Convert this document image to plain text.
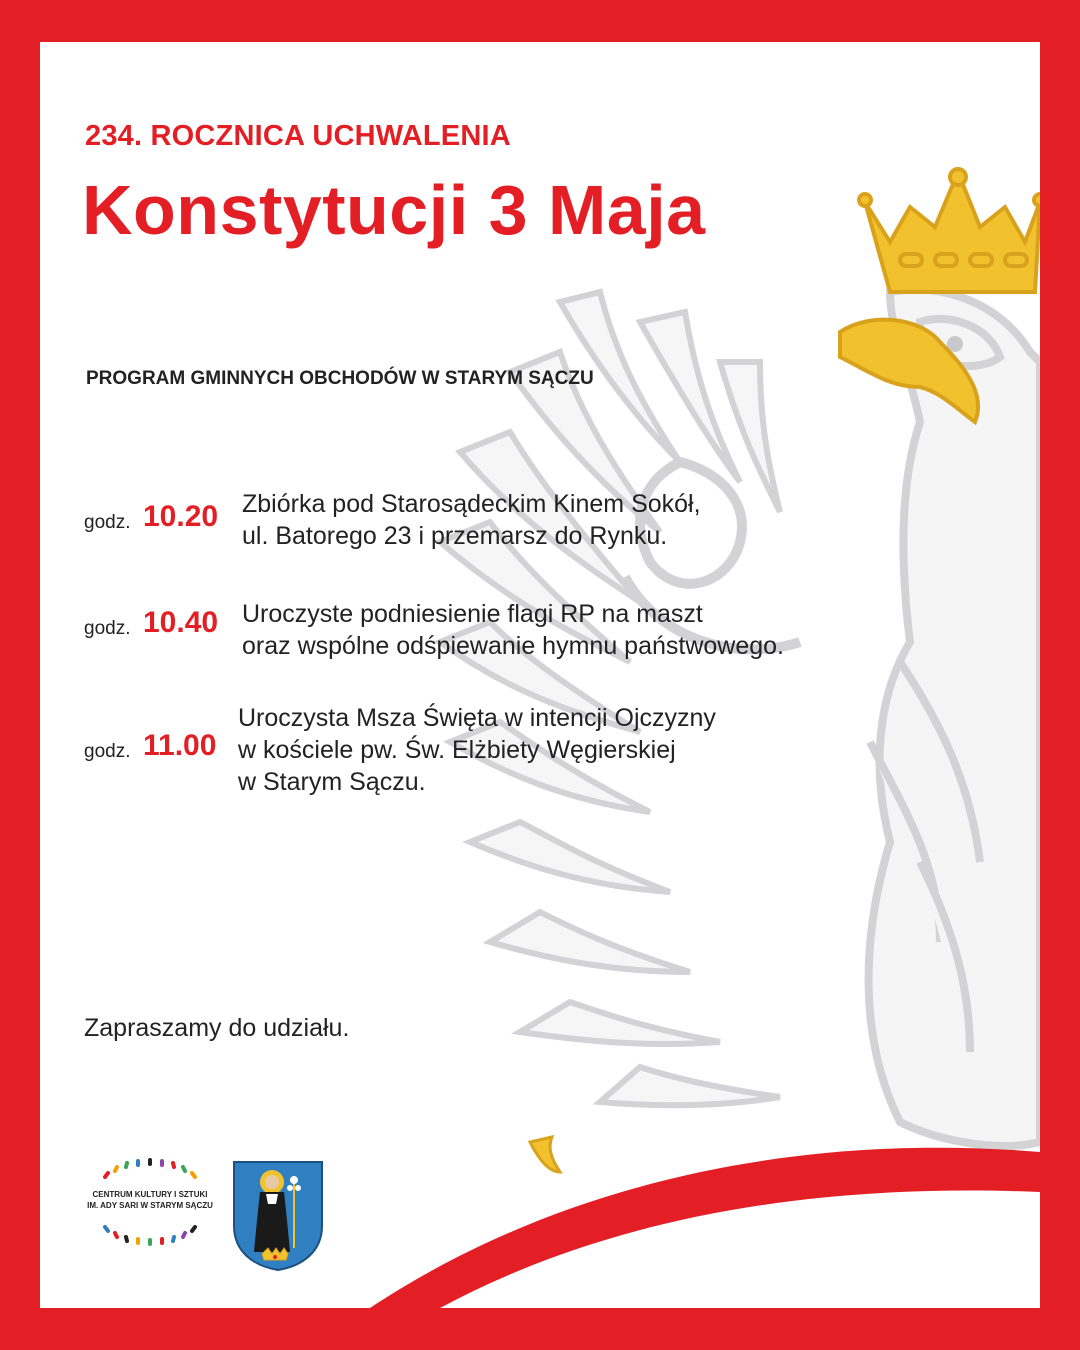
234. ROCZNICA UCHWALENIA
Konstytucji 3 Maja
PROGRAM GMINNYCH OBCHODÓW W STARYM SĄCZU
godz. 10.20 Zbiórka pod Starosądeckim Kinem Sokół,
ul. Batorego 23 i przemarsz do Rynku.
godz. 10.40 Uroczyste podniesienie flagi RP na maszt
oraz wspólne odśpiewanie hymnu państwowego.
godz. 11.00
Uroczysta Msza Święta w intencji Ojczyzny
w kościele pw. Św. Elżbiety Węgierskiej
w Starym Sączu.
Zapraszamy do udziału.
CENTRUM KULTURY I SZTUKI
IM. ADY SARI W STARYM SĄCZU
